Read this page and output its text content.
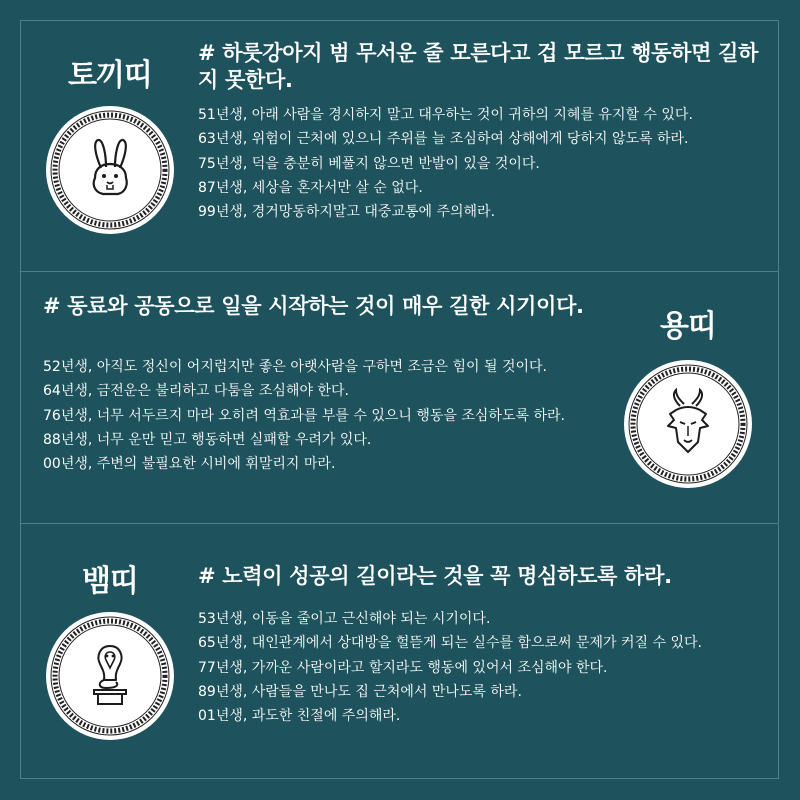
토끼띠
# 하룻강아지 범 무서운 줄 모른다고 겁 모르고 행동하면 길하지 못한다.
51년생, 아래 사람을 경시하지 말고 대우하는 것이 귀하의 지혜를 유지할 수 있다.
63년생, 위험이 근처에 있으니 주위를 늘 조심하여 상해에게 당하지 않도록 하라.
75년생, 덕을 충분히 베풀지 않으면 반발이 있을 것이다.
87년생, 세상을 혼자서만 살 순 없다.
99년생, 경거망동하지말고 대중교통에 주의해라.
# 동료와 공동으로 일을 시작하는 것이 매우 길한 시기이다.
용띠
52년생, 아직도 정신이 어지럽지만 좋은 아랫사람을 구하면 조금은 힘이 될 것이다.
64년생, 금전운은 불리하고 다툼을 조심해야 한다.
76년생, 너무 서두르지 마라 오히려 역효과를 부를 수 있으니 행동을 조심하도록 하라.
88년생, 너무 운만 믿고 행동하면 실패할 우려가 있다.
00년생, 주변의 불필요한 시비에 휘말리지 마라.
뱀띠	# 노력이 성공의 길이라는 것을 꼭 명심하도록 하라.
53년생, 이동을 줄이고 근신해야 되는 시기이다.
65년생, 대인관계에서 상대방을 헐뜯게 되는 실수를 함으로써 문제가 커질 수 있다.
77년생, 가까운 사람이라고 할지라도 행동에 있어서 조심해야 한다.
89년생, 사람들을 만나도 집 근처에서 만나도록 하라.
01년생, 과도한 친절에 주의해라.
